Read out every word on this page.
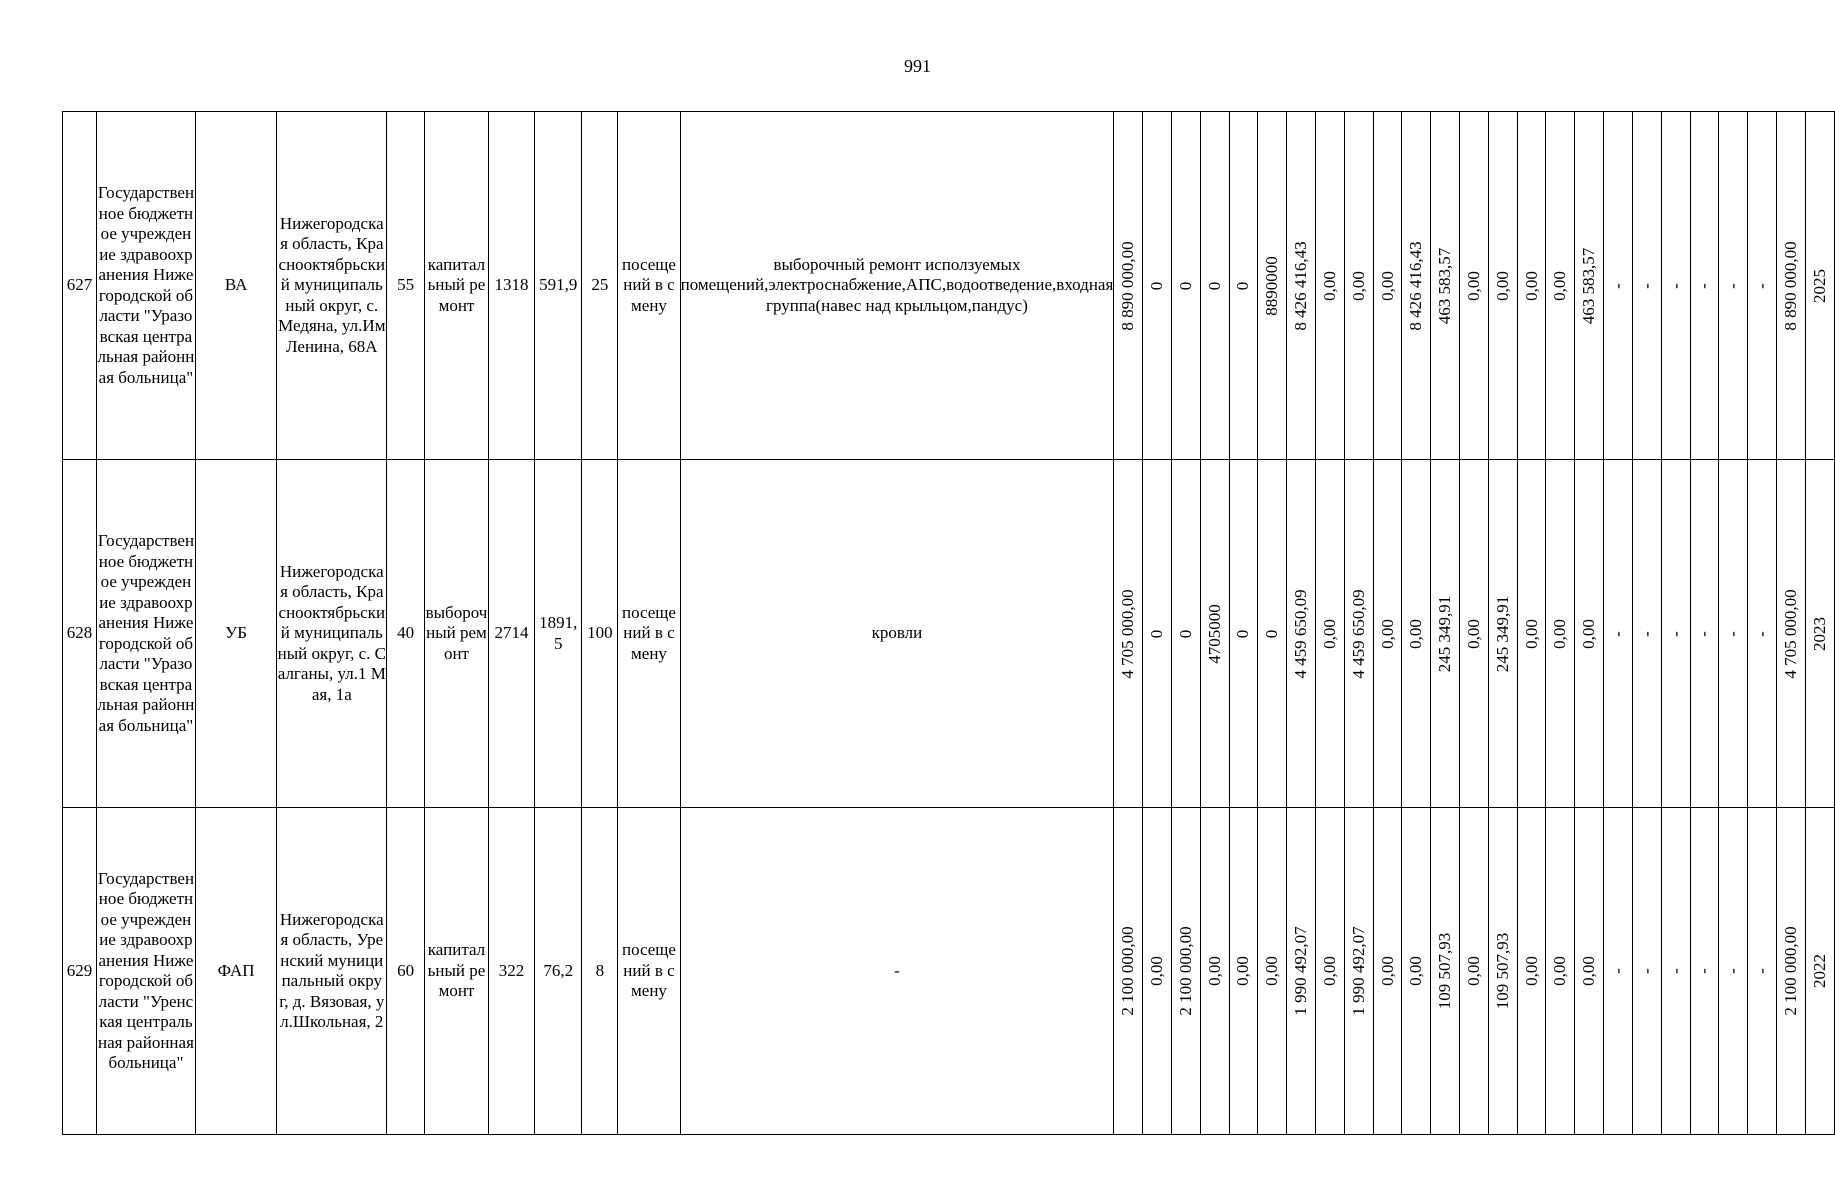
991
627	Государственное бюджетное учреждение здравоохранения Нижегородской области "Уразовская центральная районная больница"	ВА	Нижегородская область, Краснооктябрьский муниципальный округ, с. Медяна, ул.Им Ленина, 68А	55	капитальный ремонт	1318	591,9	25	посещений в смену	выборочный ремонт исползуемых помещений,электроснабжение,АПС,водоотведение,входная группа(навес над крыльцом,пандус)	8 890 000,00	0	0	0	0	8890000	8 426 416,43	0,00	0,00	0,00	8 426 416,43	463 583,57	0,00	0,00	0,00	0,00	463 583,57	-	-	-	-	-	-	8 890 000,00	2025

628	Государственное бюджетное учреждение здравоохранения Нижегородской области "Уразовская центральная районная больница"	УБ	Нижегородская область, Краснооктябрьский муниципальный округ, с. Салганы, ул.1 Мая, 1а	40	выборочный ремонт	2714	1891,5	100	посещений в смену	кровли	4 705 000,00	0	0	4705000	0	0	4 459 650,09	0,00	4 459 650,09	0,00	0,00	245 349,91	0,00	245 349,91	0,00	0,00	0,00	-	-	-	-	-	-	4 705 000,00	2023

629	Государственное бюджетное учреждение здравоохранения Нижегородской области "Уренская центральная районная больница"	ФАП	Нижегородская область, Уренский муниципальный округ, д. Вязовая, ул.Школьная, 2	60	капитальный ремонт	322	76,2	8	посещений в смену	-	2 100 000,00	0,00	2 100 000,00	0,00	0,00	0,00	1 990 492,07	0,00	1 990 492,07	0,00	0,00	109 507,93	0,00	109 507,93	0,00	0,00	0,00	-	-	-	-	-	-	2 100 000,00	2022
